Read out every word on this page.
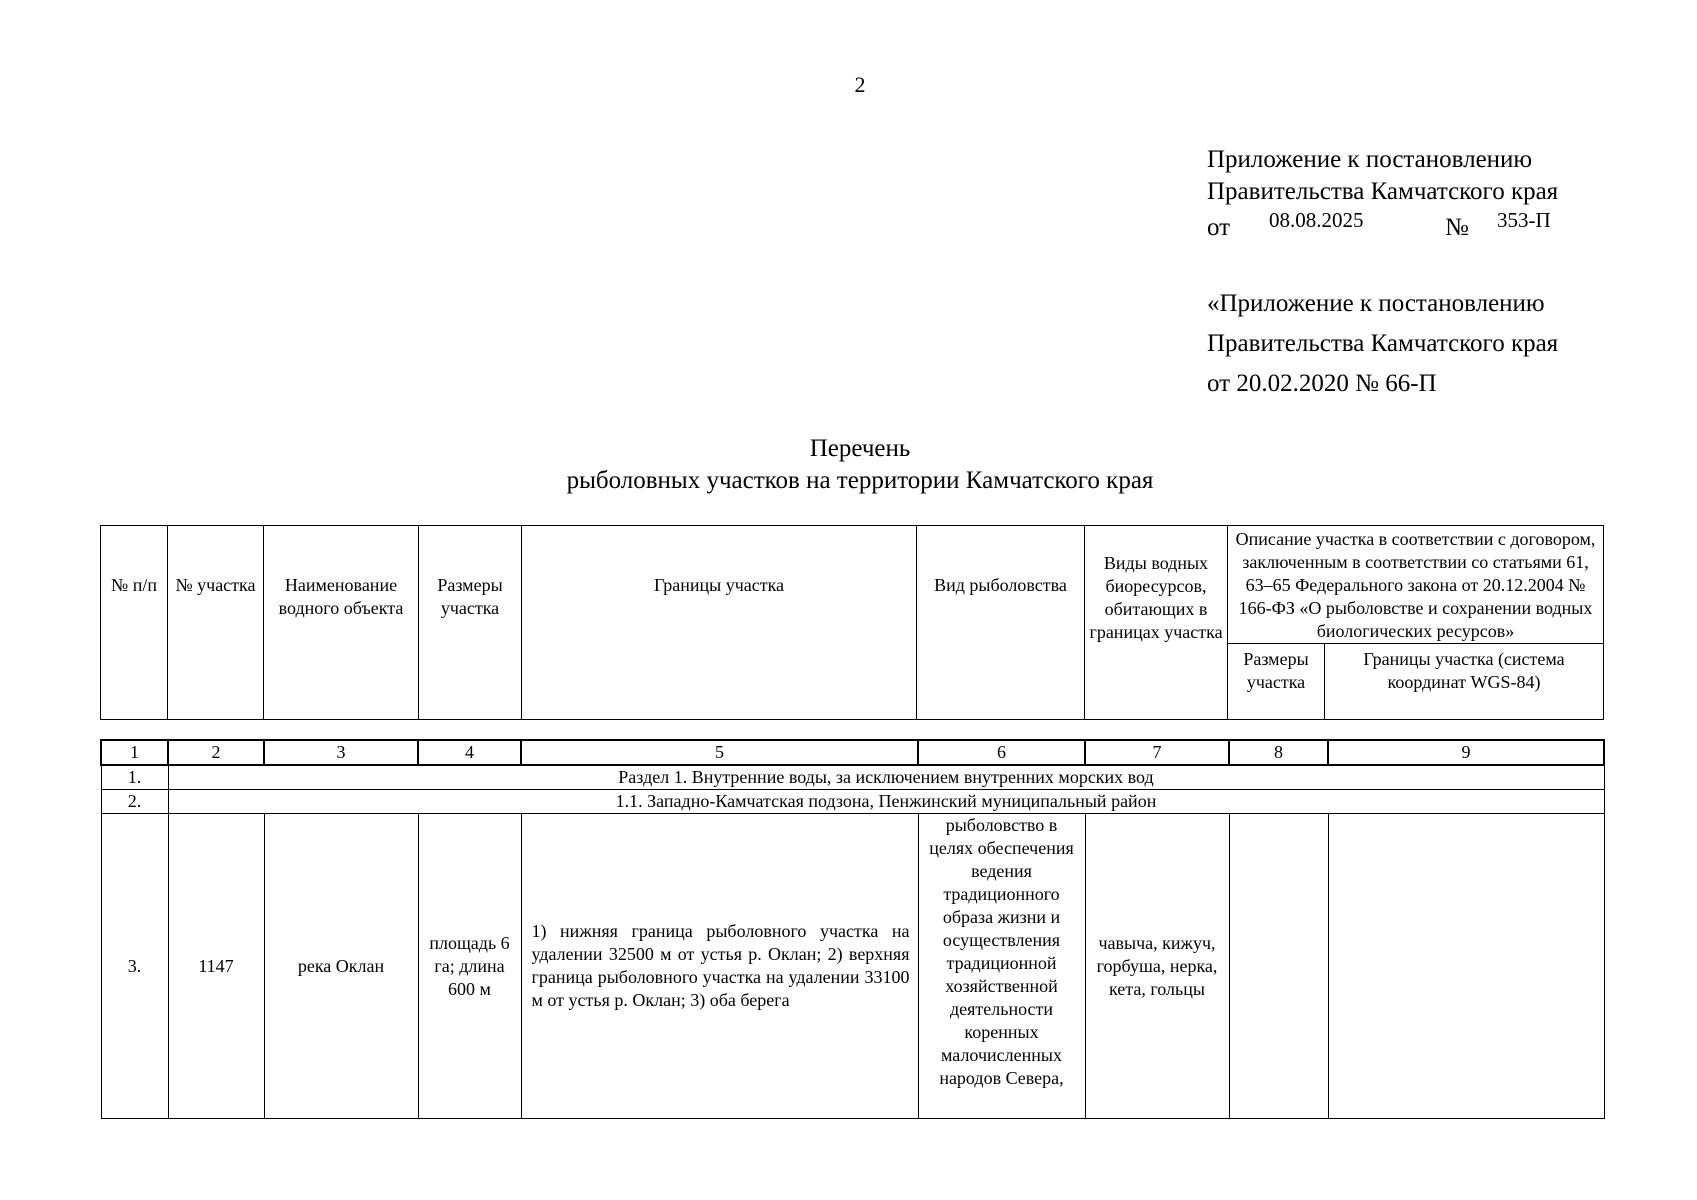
2
Приложение к постановлению
Правительства Камчатского края
от 08.08.2025	№ 353-П
«Приложение к постановлению
Правительства Камчатского края
от 20.02.2020 № 66-П
Перечень
рыболовных участков на территории Камчатского края
№ п/п	№ участка	Наименование водного объекта	Размеры участка	Границы участка	Вид рыболовства	Виды водных биоресурсов, обитающих в границах участка	Описание участка в соответствии с договором, заключенным в соответствии со статьями 61, 63–65 Федерального закона от 20.12.2004 № 166-ФЗ «О рыболовстве и сохранении водных биологических ресурсов»	
							Размеры участка	Границы участка (система координат WGS-84)
1	2	3	4	5	6	7	8	9
1.	Раздел 1. Внутренние воды, за исключением внутренних морских вод							
2.	1.1. Западно-Камчатская подзона, Пенжинский муниципальный район							
3.	1147	река Оклан	площадь 6 га; длина 600 м	1) нижняя граница рыболовного участка на удалении 32500 м от устья р. Оклан; 2) верхняя граница рыболовного участка на удалении 33100 м от устья р. Оклан; 3) оба берега	рыболовство в целях обеспечения ведения традиционного образа жизни и осуществления традиционной хозяйственной деятельности коренных малочисленных народов Севера,	чавыча, кижуч, горбуша, нерка, кета, гольцы		
